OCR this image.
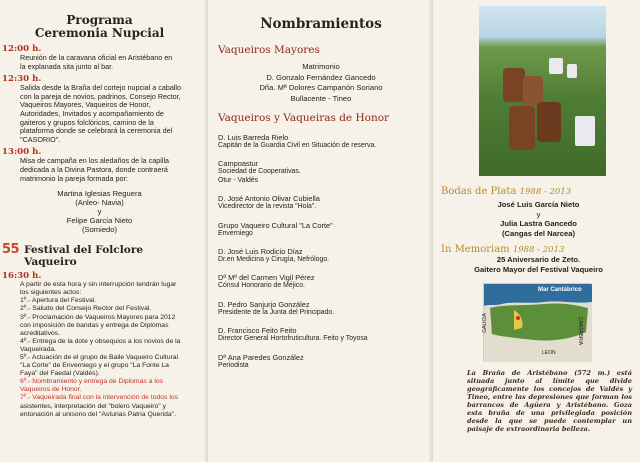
Programa
Ceremonia Nupcial
12:00 h.
Reunión de la caravana oficial en Aristébano en
la explanada sita junto al bar.
12:30 h.
Salida desde la Braña del cortejo nupcial a caballo
con la pareja de novios, padrinos, Consejo Rector,
Vaqueiros Mayores, Vaqueiros de Honor,
Autoridades, Invitados y acompañamiento de
gaiteros y grupos folclóricos, camino de la
plataforma donde se celebrará la ceremonia del
"CASORIO".
13:00 h.
Misa de campaña en los aledaños de la capilla
dedicada a la Divina Pastora, donde contraerá
matrimonio la pareja formada por:
Martina Iglesias Reguera
(Anleo- Navia)
y
Felipe García Nieto
(Somiedo)
55 Festival del Folclore Vaqueiro
16:30 h.
A partir de esta hora y sin interrupción tendrán lugar
los siguientes actos:
1º.- Apertura del Festival.
2º.- Saludo del Consejo Rector del Festival.
3º.- Proclamación de Vaqueiros Mayores para 2012
con imposición de bandas y entrega de Diplomas
acreditativos.
4º.- Entrega de la dote y obsequios a los novios de la
Vaqueirada.
5º.- Actuación de el grupo de Baile Vaqueiro Cultural
"La Corte" de Enverniego y el grupo "La Fonte La
Faya" del Faedal (Valdés).
6º.- Nombramiento y entrega de Diplomas a los
Vaqueiros de Honor.
7º.- Vaqueirada final con la intervención de todos los
asistentes, interpretación del "bolero Vaqueiro" y
entonación al unisono del "Asturias Patria Querida".
Nombramientos
Vaqueiros Mayores
Matrimonio
D. Gonzalo Fernández Gancedo
Dña. Mª Dolores Campanón Soriano
Bullacente - Tineo
Vaqueiros y Vaqueiras de Honor
D. Luis Barreda Rielo
Capitán de la Guardia Civil en Situación de reserva.
Campoastur
Sociedad de Cooperativas.
Otur - Valdés
D. José Antonio Olivar Cubiella
Vicedirector de la revista "Hola".
Grupo Vaqueiro Cultural "La Corte"
Enverniego
D. José Luis Rodicio Díaz
Dr.en Medicina y Cirugía, Nefrólogo.
Dª Mª del Carmen Vigil Pérez
Cónsul Honorario de Méjico.
D. Pedro Sanjurjo González
Presidente de la Junta del Principado.
D. Francisco Feito Feito
Director General Hortofruticultura. Feito y Toyosa
Dª Ana Paredes González
Periodista
Bodas de Plata 1988 - 2013
José Luis García Nieto
y
Julia Lastra Gancedo
(Cangas del Narcea)
In Memoriam 1988 - 2013
25 Aniversario de Zeto.
Gaitero Mayor del Festival Vaqueiro
Mar Cantábrico
GALICIA
LEON
CANTABRIA
La Braña de Aristébano (572 m.) está situada junto al límite que divide geográficamente los concejos de Valdés y Tineo, entre las depresiones que forman los barrancos de Agüera y Aristébano. Goza esta braña de una privilegiada posición desde la que se puede contemplar un paisaje de extraordinaria belleza.
